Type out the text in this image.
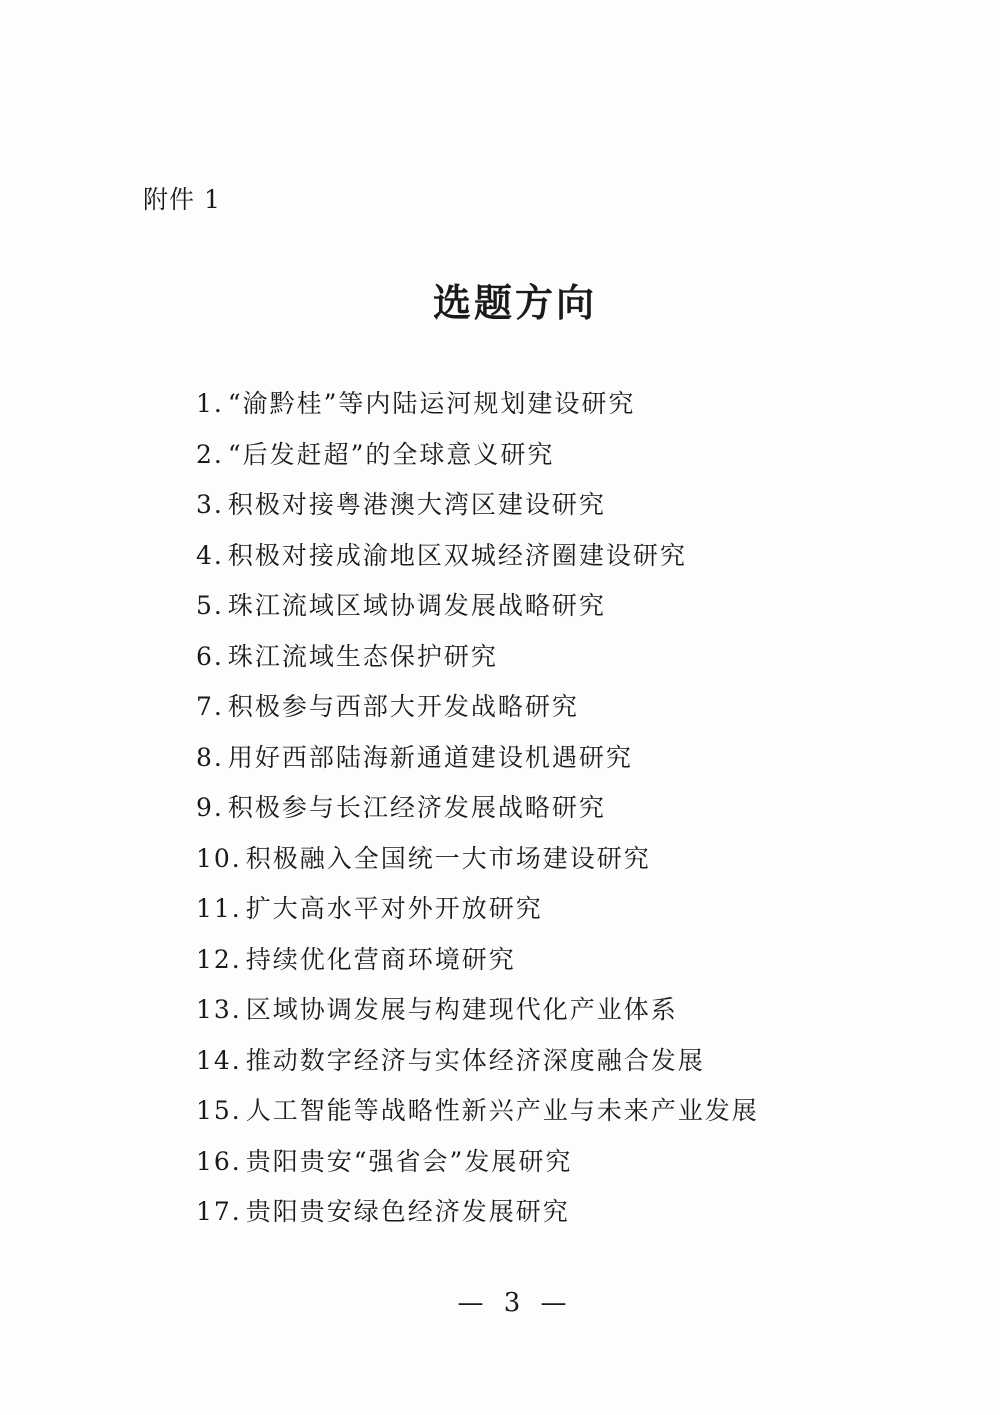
附件 1
选题方向
1. “渝黔桂”等内陆运河规划建设研究
2. “后发赶超”的全球意义研究
3. 积极对接粤港澳大湾区建设研究
4. 积极对接成渝地区双城经济圈建设研究
5. 珠江流域区域协调发展战略研究
6. 珠江流域生态保护研究
7. 积极参与西部大开发战略研究
8. 用好西部陆海新通道建设机遇研究
9. 积极参与长江经济发展战略研究
10. 积极融入全国统一大市场建设研究
11. 扩大高水平对外开放研究
12. 持续优化营商环境研究
13. 区域协调发展与构建现代化产业体系
14. 推动数字经济与实体经济深度融合发展
15. 人工智能等战略性新兴产业与未来产业发展
16. 贵阳贵安“强省会”发展研究
17. 贵阳贵安绿色经济发展研究
— 3 —
